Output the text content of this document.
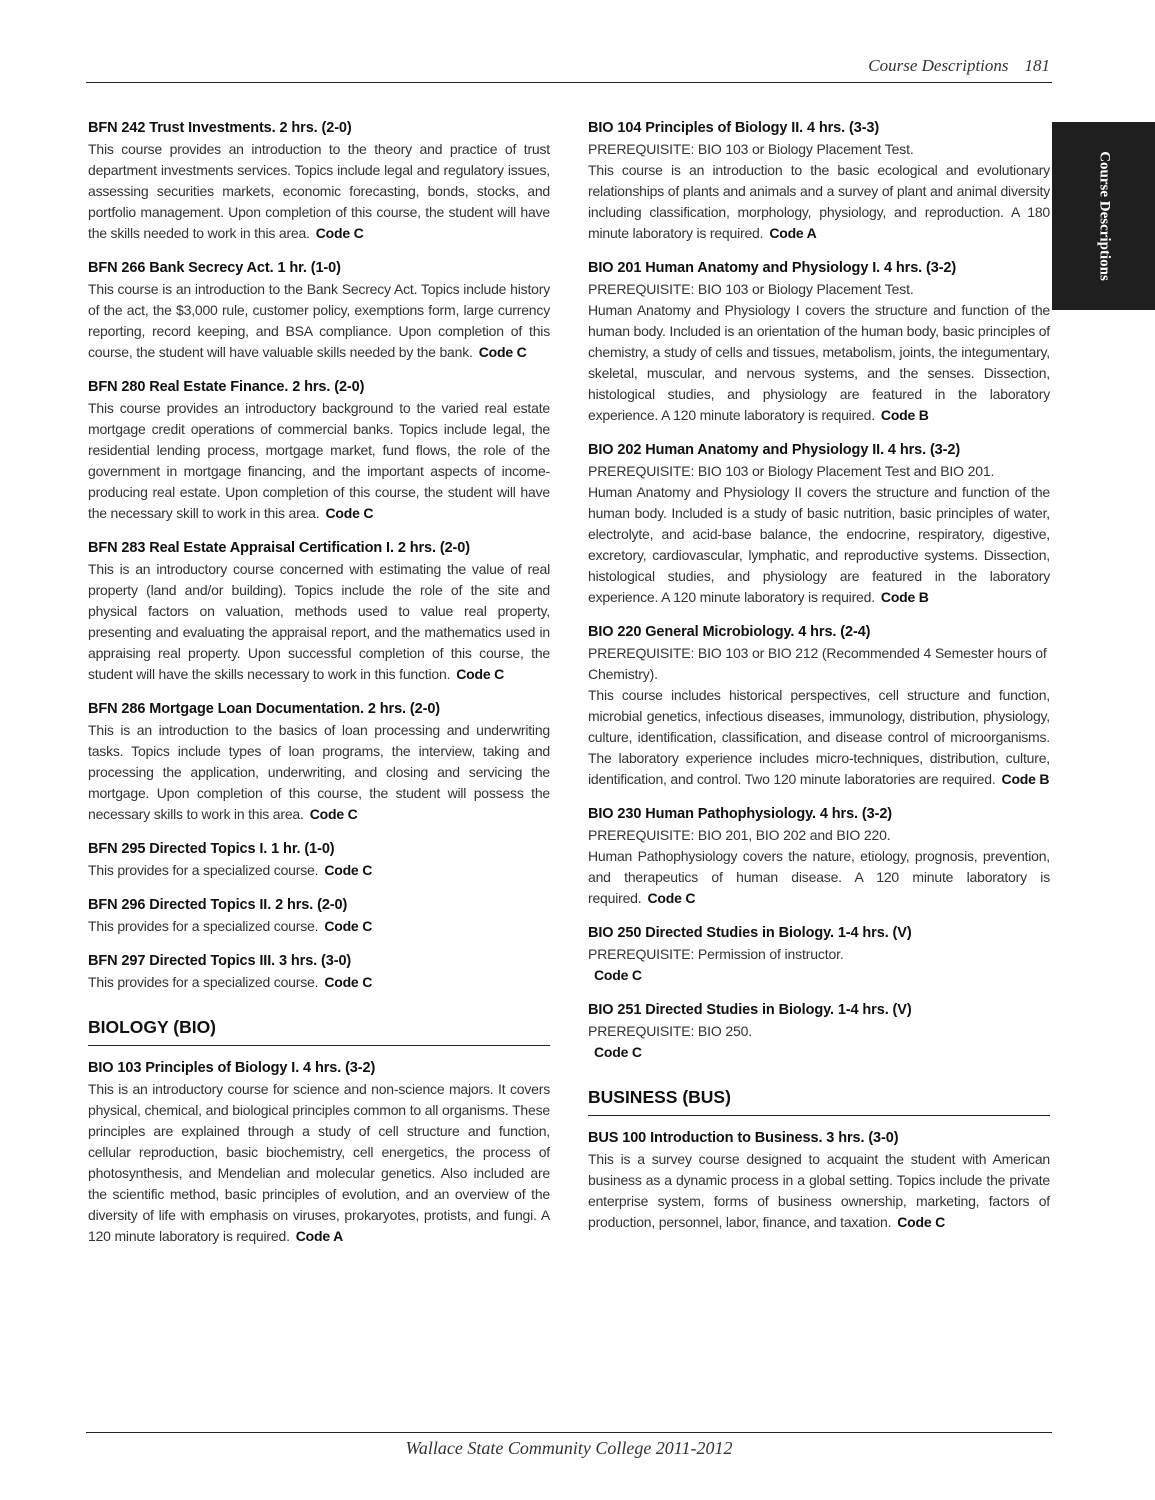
Course Descriptions 181
Course Descriptions
BFN 242 Trust Investments. 2 hrs. (2-0)
This course provides an introduction to the theory and practice of trust department investments services. Topics include legal and regulatory issues, assessing securities markets, economic forecasting, bonds, stocks, and portfolio management. Upon completion of this course, the student will have the skills needed to work in this area. Code C
BFN 266 Bank Secrecy Act. 1 hr. (1-0)
This course is an introduction to the Bank Secrecy Act. Topics include history of the act, the $3,000 rule, customer policy, exemptions form, large currency reporting, record keeping, and BSA compliance. Upon completion of this course, the student will have valuable skills needed by the bank. Code C
BFN 280 Real Estate Finance. 2 hrs. (2-0)
This course provides an introductory background to the varied real estate mortgage credit operations of commercial banks. Topics include legal, the residential lending process, mortgage market, fund flows, the role of the government in mortgage financing, and the important aspects of income-producing real estate. Upon completion of this course, the student will have the necessary skill to work in this area. Code C
BFN 283 Real Estate Appraisal Certification I. 2 hrs. (2-0)
This is an introductory course concerned with estimating the value of real property (land and/or building). Topics include the role of the site and physical factors on valuation, methods used to value real property, presenting and evaluating the appraisal report, and the mathematics used in appraising real property. Upon successful completion of this course, the student will have the skills necessary to work in this function. Code C
BFN 286 Mortgage Loan Documentation. 2 hrs. (2-0)
This is an introduction to the basics of loan processing and underwriting tasks. Topics include types of loan programs, the interview, taking and processing the application, underwriting, and closing and servicing the mortgage. Upon completion of this course, the student will possess the necessary skills to work in this area. Code C
BFN 295 Directed Topics I. 1 hr. (1-0)
This provides for a specialized course. Code C
BFN 296 Directed Topics II. 2 hrs. (2-0)
This provides for a specialized course. Code C
BFN 297 Directed Topics III. 3 hrs. (3-0)
This provides for a specialized course. Code C
BIOLOGY (BIO)
BIO 103 Principles of Biology I. 4 hrs. (3-2)
This is an introductory course for science and non-science majors. It covers physical, chemical, and biological principles common to all organisms. These principles are explained through a study of cell structure and function, cellular reproduction, basic biochemistry, cell energetics, the process of photosynthesis, and Mendelian and molecular genetics. Also included are the scientific method, basic principles of evolution, and an overview of the diversity of life with emphasis on viruses, prokaryotes, protists, and fungi. A 120 minute laboratory is required. Code A
BIO 104 Principles of Biology II. 4 hrs. (3-3)
PREREQUISITE: BIO 103 or Biology Placement Test.
This course is an introduction to the basic ecological and evolutionary relationships of plants and animals and a survey of plant and animal diversity including classification, morphology, physiology, and reproduction. A 180 minute laboratory is required. Code A
BIO 201 Human Anatomy and Physiology I. 4 hrs. (3-2)
PREREQUISITE: BIO 103 or Biology Placement Test.
Human Anatomy and Physiology I covers the structure and function of the human body. Included is an orientation of the human body, basic principles of chemistry, a study of cells and tissues, metabolism, joints, the integumentary, skeletal, muscular, and nervous systems, and the senses. Dissection, histological studies, and physiology are featured in the laboratory experience. A 120 minute laboratory is required. Code B
BIO 202 Human Anatomy and Physiology II. 4 hrs. (3-2)
PREREQUISITE: BIO 103 or Biology Placement Test and BIO 201.
Human Anatomy and Physiology II covers the structure and function of the human body. Included is a study of basic nutrition, basic principles of water, electrolyte, and acid-base balance, the endocrine, respiratory, digestive, excretory, cardiovascular, lymphatic, and reproductive systems. Dissection, histological studies, and physiology are featured in the laboratory experience. A 120 minute laboratory is required. Code B
BIO 220 General Microbiology. 4 hrs. (2-4)
PREREQUISITE: BIO 103 or BIO 212 (Recommended 4 Semester hours of Chemistry).
This course includes historical perspectives, cell structure and function, microbial genetics, infectious diseases, immunology, distribution, physiology, culture, identification, classification, and disease control of microorganisms. The laboratory experience includes micro-techniques, distribution, culture, identification, and control. Two 120 minute laboratories are required. Code B
BIO 230 Human Pathophysiology. 4 hrs. (3-2)
PREREQUISITE: BIO 201, BIO 202 and BIO 220.
Human Pathophysiology covers the nature, etiology, prognosis, prevention, and therapeutics of human disease. A 120 minute laboratory is required. Code C
BIO 250 Directed Studies in Biology. 1-4 hrs. (V)
PREREQUISITE: Permission of instructor.
Code C
BIO 251 Directed Studies in Biology. 1-4 hrs. (V)
PREREQUISITE: BIO 250.
Code C
BUSINESS (BUS)
BUS 100 Introduction to Business. 3 hrs. (3-0)
This is a survey course designed to acquaint the student with American business as a dynamic process in a global setting. Topics include the private enterprise system, forms of business ownership, marketing, factors of production, personnel, labor, finance, and taxation. Code C
Wallace State Community College 2011-2012
